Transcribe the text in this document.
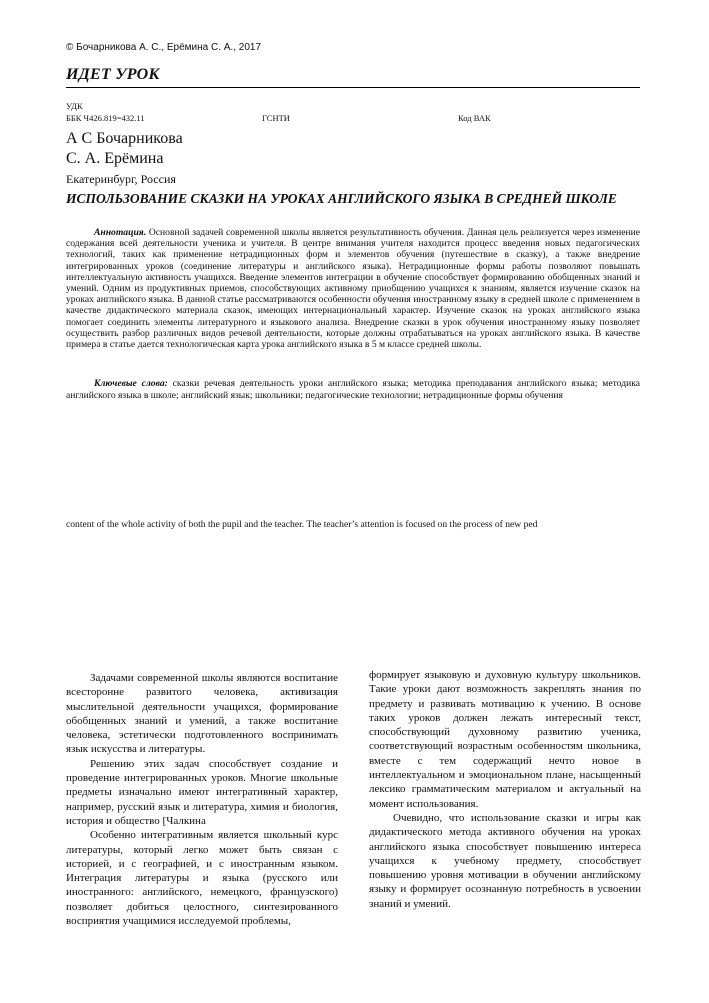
© Бочарникова А. С., Ерёмина С. А., 2017
ИДЕТ УРОК
УДК
ББК Ч426.819=432.11	ГСНТИ	Код ВАК
А С Бочарникова
С. А. Ерёмина
Екатеринбург, Россия
ИСПОЛЬЗОВАНИЕ СКАЗКИ НА УРОКАХ АНГЛИЙСКОГО ЯЗЫКА В СРЕДНЕЙ ШКОЛЕ

Аннотация. Основной задачей современной школы является результативность обучения. Данная цель реализуется через изменение содержания всей деятельности ученика и учителя. В центре внимания учителя находится процесс введения новых педагогических технологий, таких как применение нетрадиционных форм и элементов обучения (путешествие в сказку), а также внедрение интегрированных уроков (соединение литературы и английского языка). Нетрадиционные формы работы позволяют повышать интеллектуальную активность учащихся. Введение элементов интеграции в обучение способствует формированию обобщенных знаний и умений. Одним из продуктивных приемов, способствующих активному приобщению учащихся к знаниям, является изучение сказок на уроках английского языка. В данной статье рассматриваются особенности обучения иностранному языку в средней школе с применением в качестве дидактического материала сказок, имеющих интернациональный характер. Изучение сказок на уроках английского языка помогает соединить элементы литературного и языкового анализа. Внедрение сказки в урок обучения иностранному языку позволяет осуществить разбор различных видов речевой деятельности, которые должны отрабатываться на уроках английского языка. В качестве примера в статье дается технологическая карта урока английского языка в 5 м классе средней школы.

Ключевые слова: сказки речевая деятельность уроки английского языка; методика преподавания английского языка; методика английского языка в школе; английский язык; школьники; педагогические технологии; нетрадиционные формы обучения

content of the whole activity of both the pupil and the teacher. The teacher’s attention is focused on the process of new ped

Задачами современной школы являются воспитание всесторонне развитого человека, активизация мыслительной деятельности учащихся, формирование обобщенных знаний и умений, а также воспитание человека, эстетически подготовленного воспринимать язык искусства и литературы.

Решению этих задач способствует создание и проведение интегрированных уроков. Многие школьные предметы изначально имеют интегративный характер, например, русский язык и литература, химия и биология, история и общество [Чалкина

Особенно интегративным является школьный курс литературы, который легко может быть связан с историей, и с географией, и с иностранным языком. Интеграция литературы и языка (русского или иностранного: английского, немецкого, французского) позволяет добиться целостного, синтезированного восприятия учащимися исследуемой проблемы,

формирует языковую и духовную культуру школьников. Такие уроки дают возможность закреплять знания по предмету и развивать мотивацию к учению. В основе таких уроков должен лежать интересный текст, способствующий духовному развитию ученика, соответствующий возрастным особенностям школьника, вместе с тем содержащий нечто новое в интеллектуальном и эмоциональном плане, насыщенный лексико грамматическим материалом и актуальный на момент использования.

Очевидно, что использование сказки и игры как дидактического метода активного обучения на уроках английского языка способствует повышению интереса учащихся к учебному предмету, способствует повышению уровня мотивации в обучении английскому языку и формирует осознанную потребность в усвоении знаний и умений.
